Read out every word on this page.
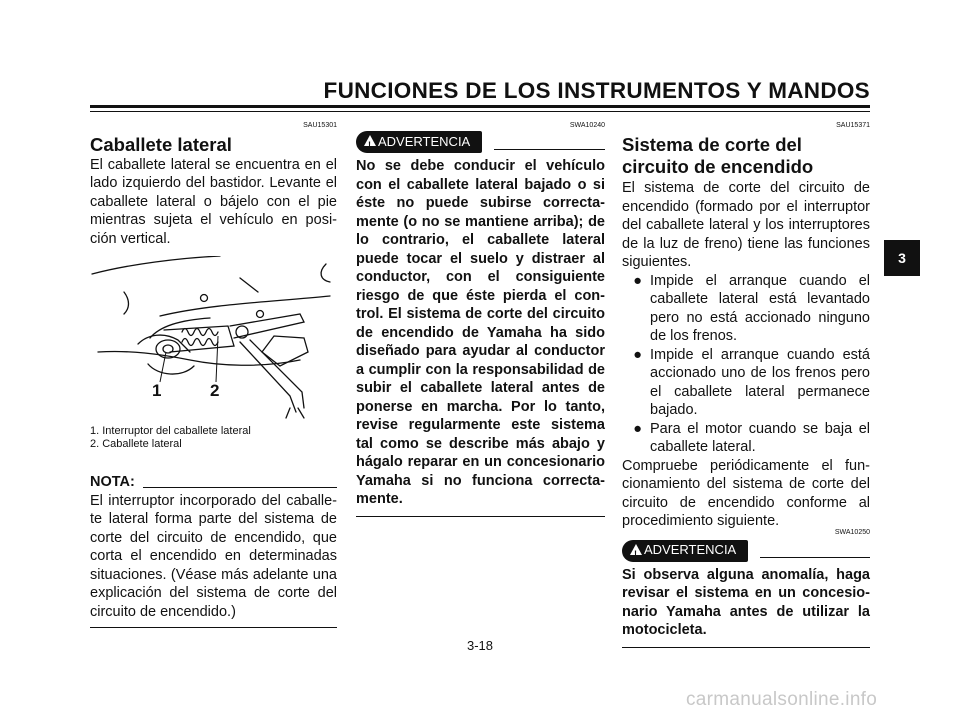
FUNCIONES DE LOS INSTRUMENTOS Y MANDOS
3
SAU15301
Caballete lateral
El caballete lateral se encuentra en el lado izquierdo del bastidor. Levante el caballete lateral o bájelo con el pie mientras sujeta el vehículo en posi-ción vertical.
1	2
1. Interruptor del caballete lateral
2. Caballete lateral
NOTA:
El interruptor incorporado del caballe-te lateral forma parte del sistema de corte del circuito de encendido, que corta el encendido en determinadas situaciones. (Véase más adelante una explicación del sistema de corte del circuito de encendido.)
SWA10240
! ADVERTENCIA
No se debe conducir el vehículo con el caballete lateral bajado o si éste no puede subirse correcta-mente (o no se mantiene arriba); de lo contrario, el caballete lateral puede tocar el suelo y distraer al conductor, con el consiguiente riesgo de que éste pierda el con-trol. El sistema de corte del circuito de encendido de Yamaha ha sido diseñado para ayudar al conductor a cumplir con la responsabilidad de subir el caballete lateral antes de ponerse en marcha. Por lo tanto, revise regularmente este sistema tal como se describe más abajo y hágalo reparar en un concesionario Yamaha si no funciona correcta-mente.
SAU15371
Sistema de corte del circuito de encendido
El sistema de corte del circuito de encendido (formado por el interruptor del caballete lateral y los interruptores de la luz de freno) tiene las funciones siguientes.
● Impide el arranque cuando el caballete lateral está levantado pero no está accionado ninguno de los frenos.
● Impide el arranque cuando está accionado uno de los frenos pero el caballete lateral permanece bajado.
● Para el motor cuando se baja el caballete lateral.
Compruebe periódicamente el fun-cionamiento del sistema de corte del circuito de encendido conforme al procedimiento siguiente.
SWA10250
! ADVERTENCIA
Si observa alguna anomalía, haga revisar el sistema en un concesio-nario Yamaha antes de utilizar la motocicleta.
3-18
carmanualsonline.info
